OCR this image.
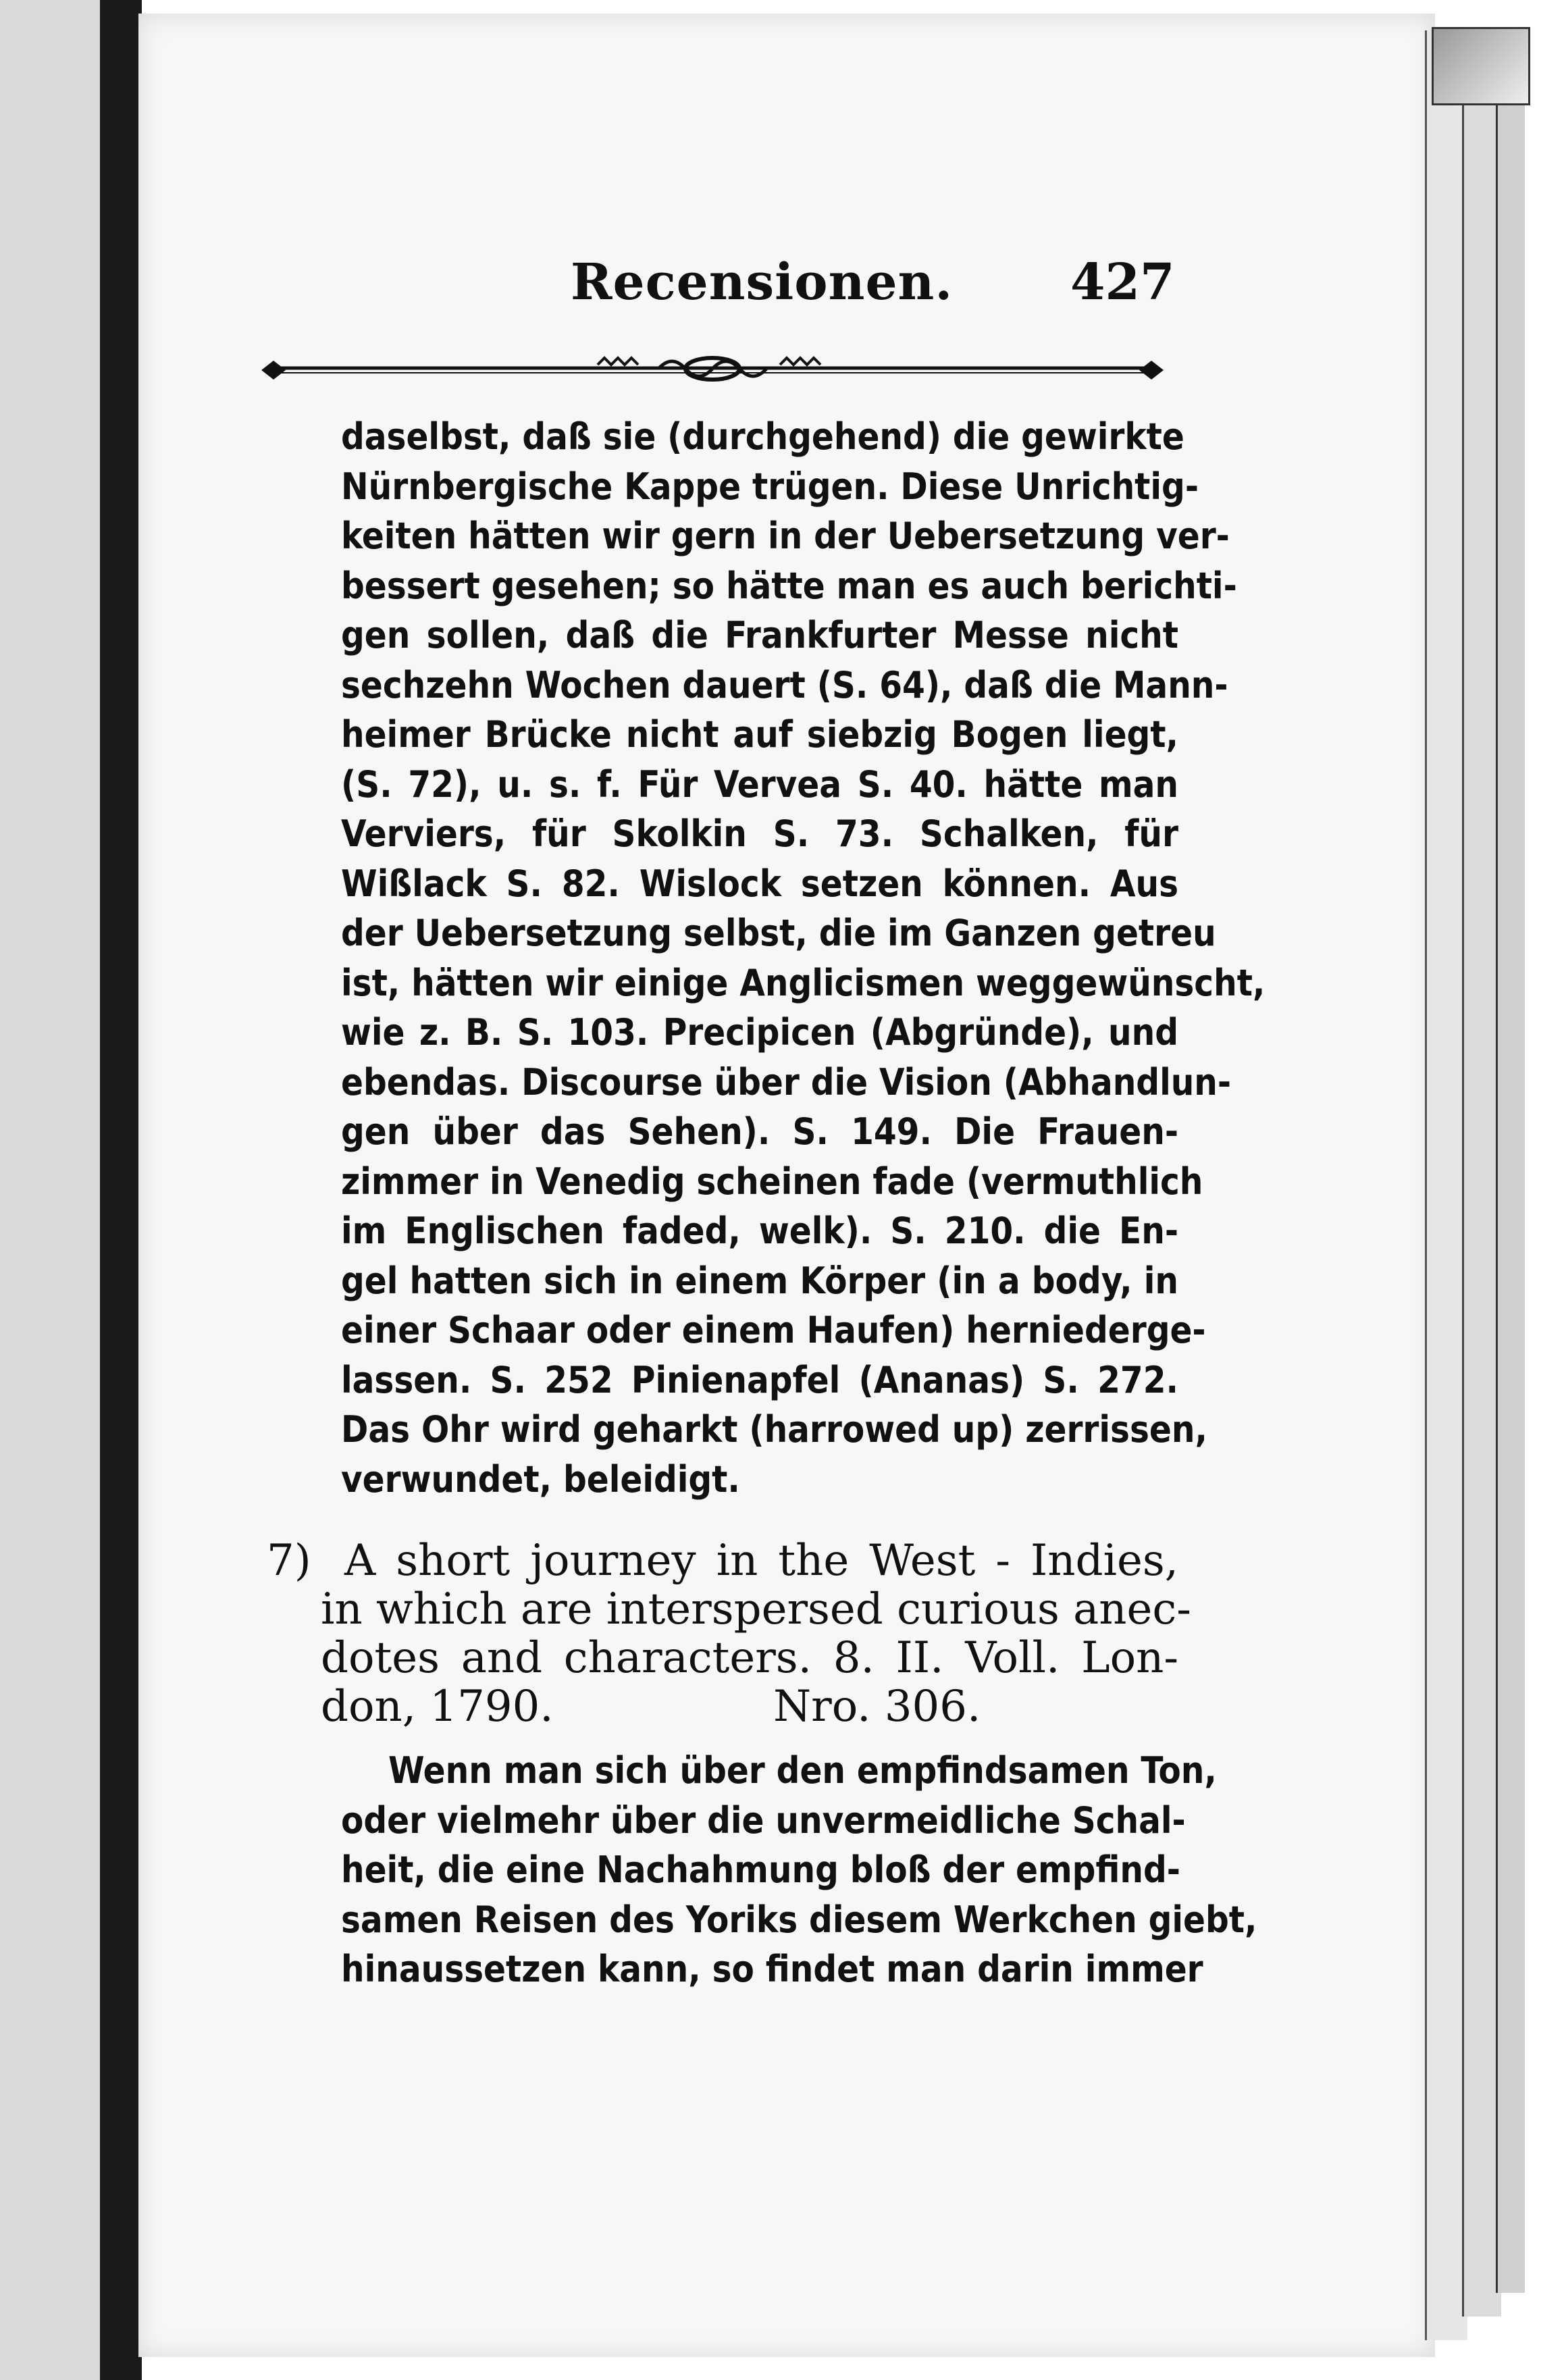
Recensionen. 427
daselbst, daß sie (durchgehend) die gewirkte
Nürnbergische Kappe trügen. Diese Unrichtig-
keiten hätten wir gern in der Uebersetzung ver-
bessert gesehen; so hätte man es auch berichti-
gen sollen, daß die Frankfurter Messe nicht
sechzehn Wochen dauert (S. 64), daß die Mann-
heimer Brücke nicht auf siebzig Bogen liegt,
(S. 72), u. s. f. Für Vervea S. 40. hätte man
Verviers, für Skolkin S. 73. Schalken, für
Wißlack S. 82. Wislock setzen können. Aus
der Uebersetzung selbst, die im Ganzen getreu
ist, hätten wir einige Anglicismen weggewünscht,
wie z. B. S. 103. Precipicen (Abgründe), und
ebendas. Discourse über die Vision (Abhandlun-
gen über das Sehen). S. 149. Die Frauen-
zimmer in Venedig scheinen fade (vermuthlich
im Englischen faded, welk). S. 210. die En-
gel hatten sich in einem Körper (in a body, in
einer Schaar oder einem Haufen) herniederge-
lassen. S. 252 Pinienapfel (Ananas) S. 272.
Das Ohr wird geharkt (harrowed up) zerrissen,
verwundet, beleidigt.
7) A short journey in the West - Indies,
in which are interspersed curious anec-
dotes and characters. 8. II. Voll. Lon-
don, 1790.                Nro. 306.
Wenn man sich über den empfindsamen Ton,
oder vielmehr über die unvermeidliche Schal-
heit, die eine Nachahmung bloß der empfind-
samen Reisen des Yoriks diesem Werkchen giebt,
hinaussetzen kann, so findet man darin immer
